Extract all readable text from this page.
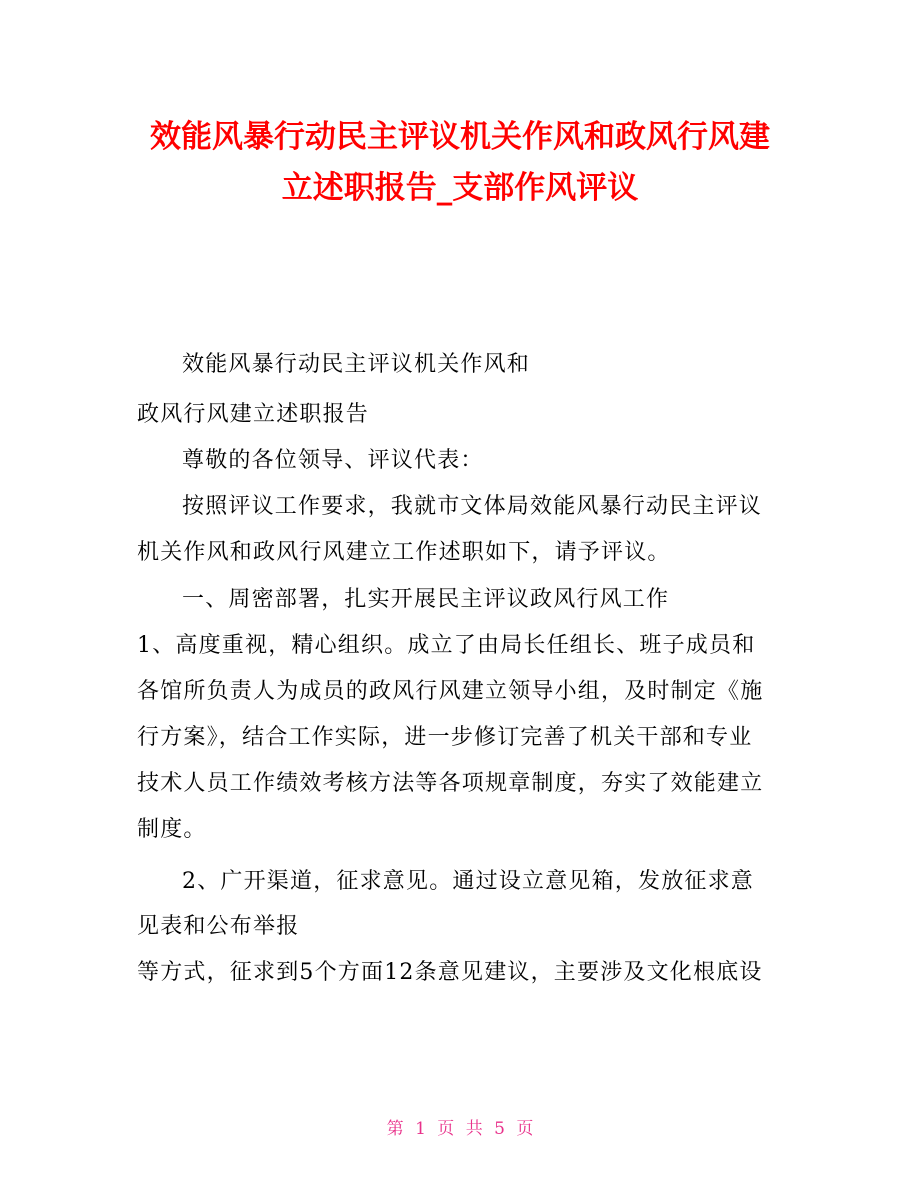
效能风暴行动民主评议机关作风和政风行风建
立述职报告_支部作风评议
效能风暴行动民主评议机关作风和
政风行风建立述职报告
尊敬的各位领导、评议代表：
按照评议工作要求，我就市文体局效能风暴行动民主评议
机关作风和政风行风建立工作述职如下，请予评议。
一、周密部署，扎实开展民主评议政风行风工作
1、高度重视，精心组织。成立了由局长任组长、班子成员和
各馆所负责人为成员的政风行风建立领导小组，及时制定《施
行方案》，结合工作实际，进一步修订完善了机关干部和专业
技术人员工作绩效考核方法等各项规章制度，夯实了效能建立
制度。
2、广开渠道，征求意见。通过设立意见箱，发放征求意
见表和公布举报
等方式，征求到5个方面12条意见建议，主要涉及文化根底设
第 1 页 共 5 页
